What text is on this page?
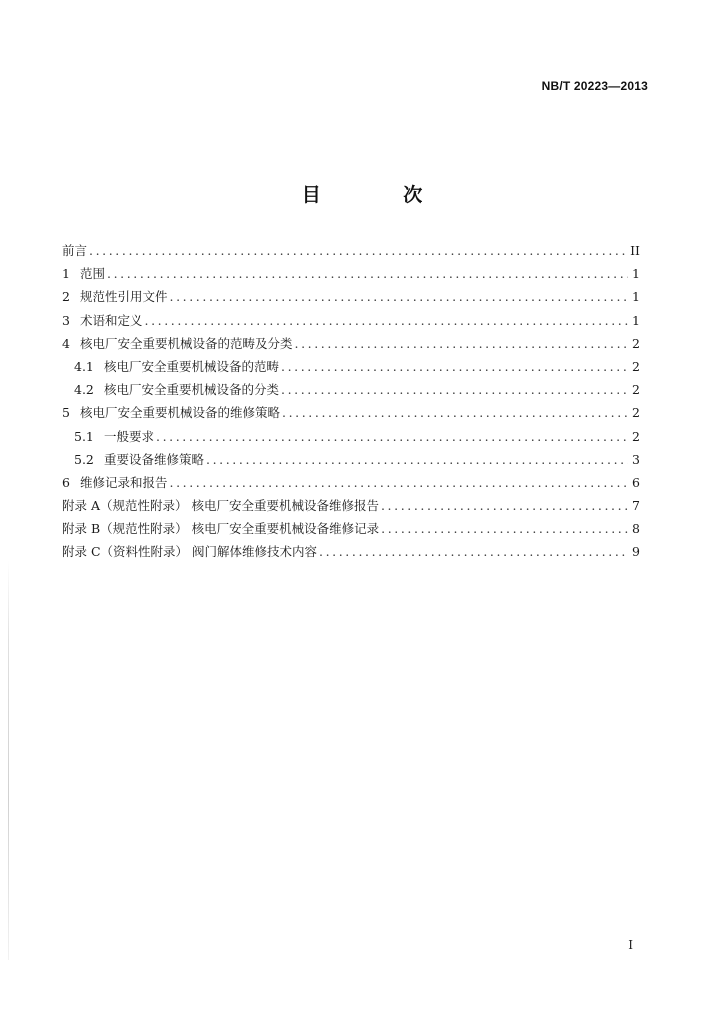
NB/T 20223—2013
目 次
前言 .....	II
1 范围 .....	1
2 规范性引用文件 .....	1
3 术语和定义 .....	1
4 核电厂安全重要机械设备的范畴及分类 .....	2
4.1 核电厂安全重要机械设备的范畴 .....	2
4.2 核电厂安全重要机械设备的分类 .....	2
5 核电厂安全重要机械设备的维修策略 .....	2
5.1 一般要求 .....	2
5.2 重要设备维修策略 .....	3
6 维修记录和报告 .....	6
附录 A（规范性附录） 核电厂安全重要机械设备维修报告 .....	7
附录 B（规范性附录） 核电厂安全重要机械设备维修记录 .....	8
附录 C（资料性附录） 阀门解体维修技术内容 .....	9
I
